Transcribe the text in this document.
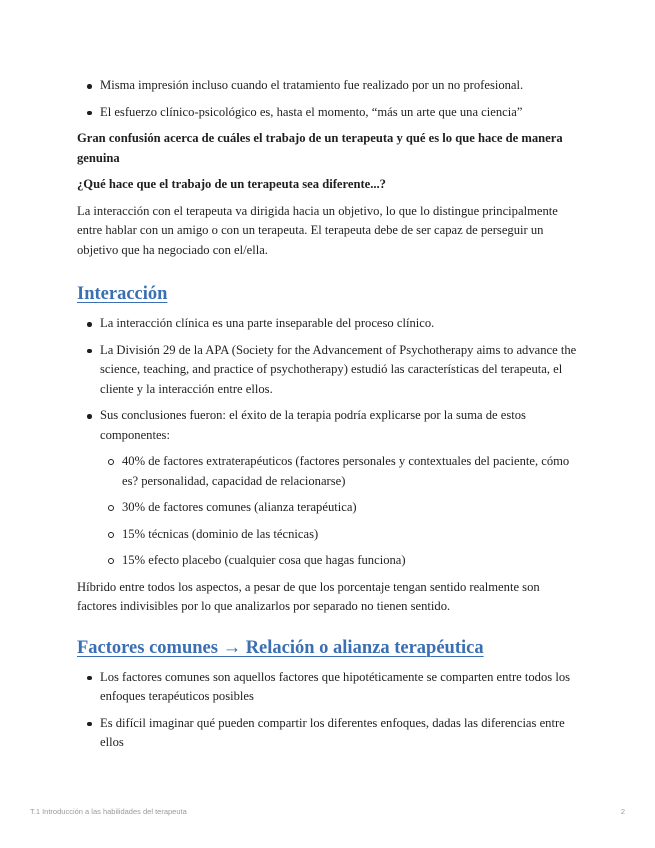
Misma impresión incluso cuando el tratamiento fue realizado por un no profesional.
El esfuerzo clínico-psicológico es, hasta el momento, “más un arte que una ciencia”

Gran confusión acerca de cuáles el trabajo de un terapeuta y qué es lo que hace de manera genuina

¿Qué hace que el trabajo de un terapeuta sea diferente...?

La interacción con el terapeuta va dirigida hacia un objetivo, lo que lo distingue principalmente entre hablar con un amigo o con un terapeuta. El terapeuta debe de ser capaz de perseguir un objetivo que ha negociado con el/ella.

Interacción
La interacción clínica es una parte inseparable del proceso clínico.
La División 29 de la APA (Society for the Advancement of Psychotherapy aims to advance the science, teaching, and practice of psychotherapy) estudió las características del terapeuta, el cliente y la interacción entre ellos.
Sus conclusiones fueron: el éxito de la terapia podría explicarse por la suma de estos componentes:
40% de factores extraterapéuticos (factores personales y contextuales del paciente, cómo es? personalidad, capacidad de relacionarse)
30% de factores comunes (alianza terapéutica)
15% técnicas (dominio de las técnicas)
15% efecto placebo (cualquier cosa que hagas funciona)

Híbrido entre todos los aspectos, a pesar de que los porcentaje tengan sentido realmente son factores indivisibles por lo que analizarlos por separado no tienen sentido.

Factores comunes → Relación o alianza terapéutica
Los factores comunes son aquellos factores que hipotéticamente se comparten entre todos los enfoques terapéuticos posibles
Es difícil imaginar qué pueden compartir los diferentes enfoques, dadas las diferencias entre ellos
T.1 Introducción a las habilidades del terapeuta	2
